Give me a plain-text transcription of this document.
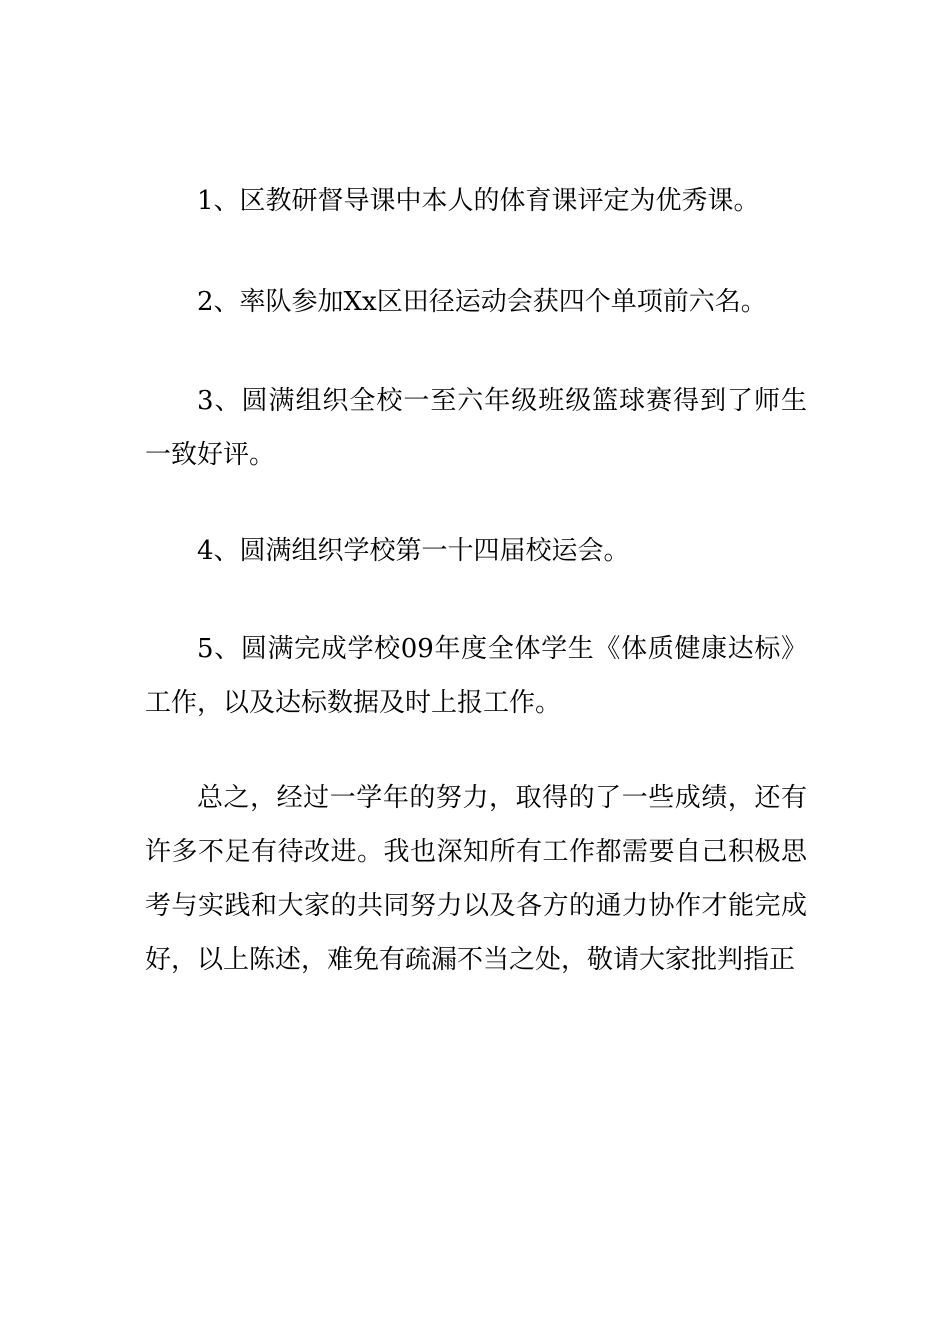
1、区教研督导课中本人的体育课评定为优秀课。

2、率队参加Xx区田径运动会获四个单项前六名。

3、圆满组织全校一至六年级班级篮球赛得到了师生一致好评。

4、圆满组织学校第一十四届校运会。

5、圆满完成学校09年度全体学生《体质健康达标》工作，以及达标数据及时上报工作。

总之，经过一学年的努力，取得的了一些成绩，还有许多不足有待改进。我也深知所有工作都需要自己积极思考与实践和大家的共同努力以及各方的通力协作才能完成好，以上陈述，难免有疏漏不当之处，敬请大家批判指正
